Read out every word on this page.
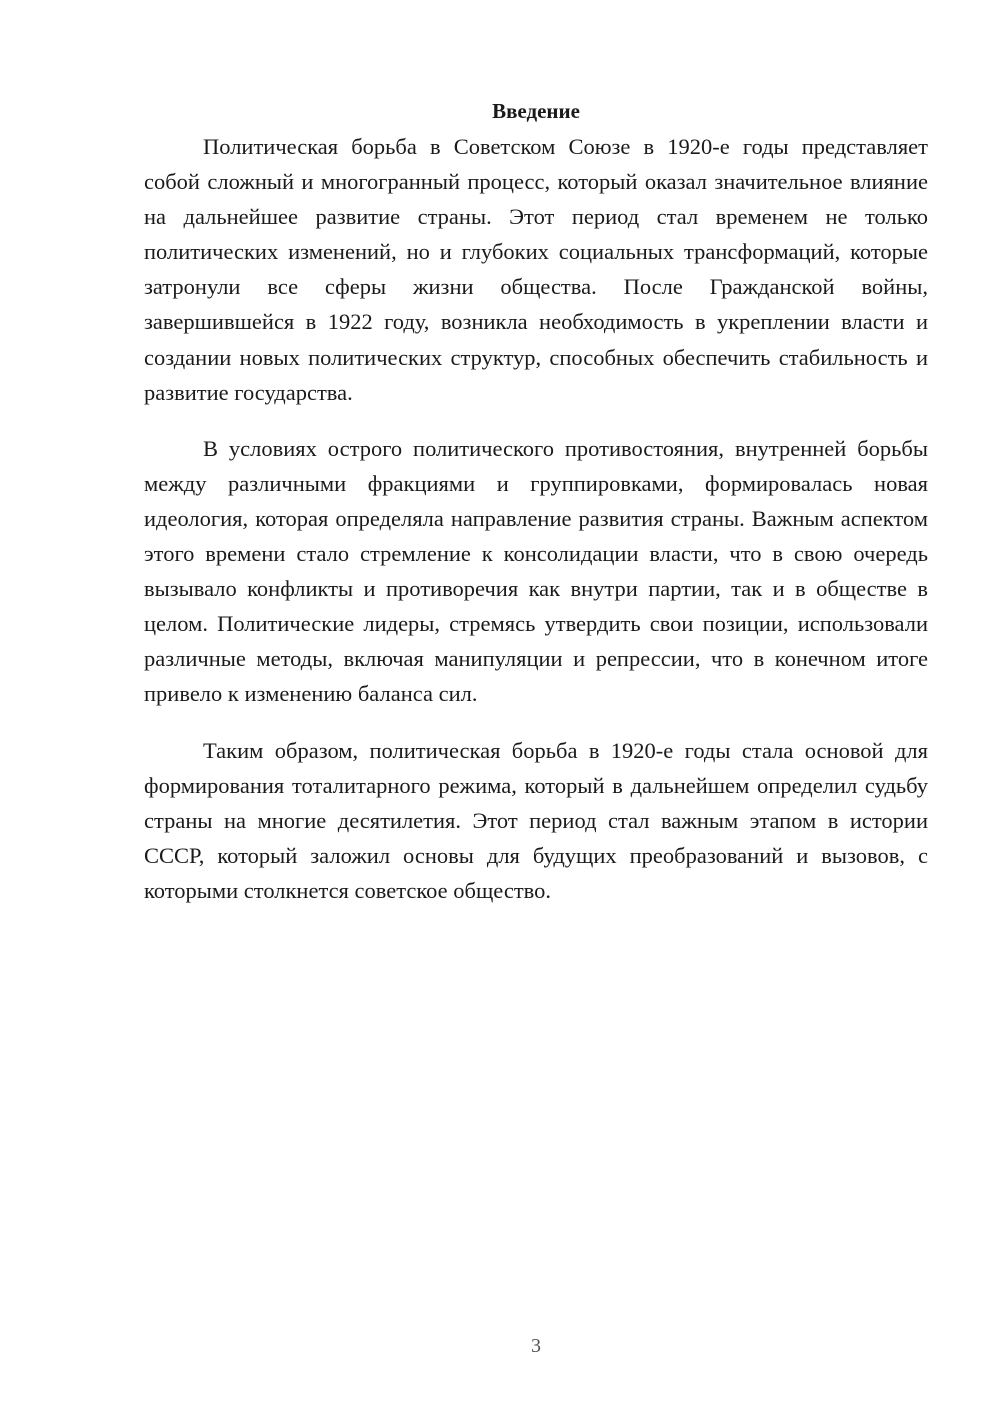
Введение

Политическая борьба в Советском Союзе в 1920-е годы представляет собой сложный и многогранный процесс, который оказал значительное влияние на дальнейшее развитие страны. Этот период стал временем не только политических изменений, но и глубоких социальных трансформаций, которые затронули все сферы жизни общества. После Гражданской войны, завершившейся в 1922 году, возникла необходимость в укреплении власти и создании новых политических структур, способных обеспечить стабильность и развитие государства.

В условиях острого политического противостояния, внутренней борьбы между различными фракциями и группировками, формировалась новая идеология, которая определяла направление развития страны. Важным аспектом этого времени стало стремление к консолидации власти, что в свою очередь вызывало конфликты и противоречия как внутри партии, так и в обществе в целом. Политические лидеры, стремясь утвердить свои позиции, использовали различные методы, включая манипуляции и репрессии, что в конечном итоге привело к изменению баланса сил.

Таким образом, политическая борьба в 1920-е годы стала основой для формирования тоталитарного режима, который в дальнейшем определил судьбу страны на многие десятилетия. Этот период стал важным этапом в истории СССР, который заложил основы для будущих преобразований и вызовов, с которыми столкнется советское общество.

3
